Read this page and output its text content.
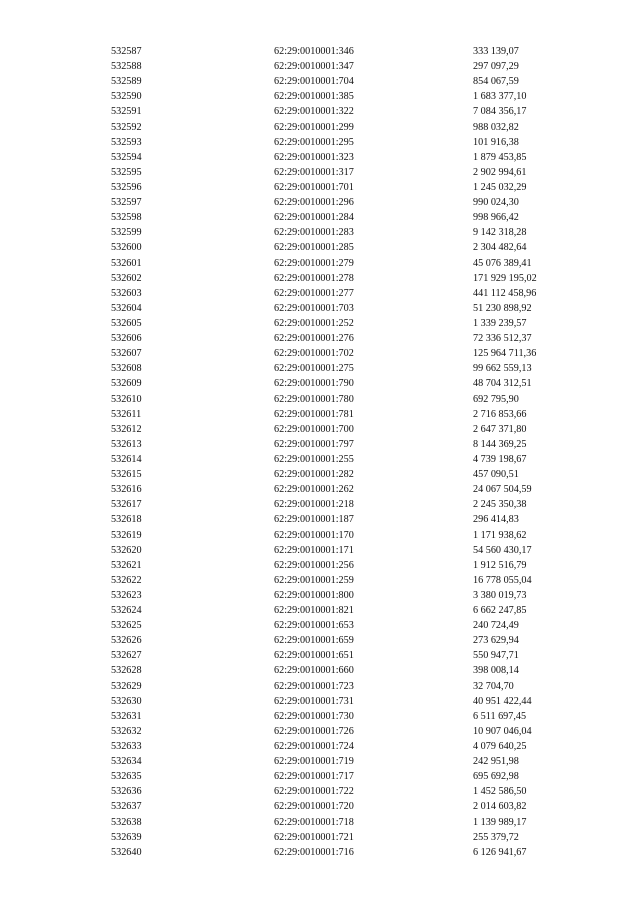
532587	62:29:0010001:346	333 139,07
532588	62:29:0010001:347	297 097,29
532589	62:29:0010001:704	854 067,59
532590	62:29:0010001:385	1 683 377,10
532591	62:29:0010001:322	7 084 356,17
532592	62:29:0010001:299	988 032,82
532593	62:29:0010001:295	101 916,38
532594	62:29:0010001:323	1 879 453,85
532595	62:29:0010001:317	2 902 994,61
532596	62:29:0010001:701	1 245 032,29
532597	62:29:0010001:296	990 024,30
532598	62:29:0010001:284	998 966,42
532599	62:29:0010001:283	9 142 318,28
532600	62:29:0010001:285	2 304 482,64
532601	62:29:0010001:279	45 076 389,41
532602	62:29:0010001:278	171 929 195,02
532603	62:29:0010001:277	441 112 458,96
532604	62:29:0010001:703	51 230 898,92
532605	62:29:0010001:252	1 339 239,57
532606	62:29:0010001:276	72 336 512,37
532607	62:29:0010001:702	125 964 711,36
532608	62:29:0010001:275	99 662 559,13
532609	62:29:0010001:790	48 704 312,51
532610	62:29:0010001:780	692 795,90
532611	62:29:0010001:781	2 716 853,66
532612	62:29:0010001:700	2 647 371,80
532613	62:29:0010001:797	8 144 369,25
532614	62:29:0010001:255	4 739 198,67
532615	62:29:0010001:282	457 090,51
532616	62:29:0010001:262	24 067 504,59
532617	62:29:0010001:218	2 245 350,38
532618	62:29:0010001:187	296 414,83
532619	62:29:0010001:170	1 171 938,62
532620	62:29:0010001:171	54 560 430,17
532621	62:29:0010001:256	1 912 516,79
532622	62:29:0010001:259	16 778 055,04
532623	62:29:0010001:800	3 380 019,73
532624	62:29:0010001:821	6 662 247,85
532625	62:29:0010001:653	240 724,49
532626	62:29:0010001:659	273 629,94
532627	62:29:0010001:651	550 947,71
532628	62:29:0010001:660	398 008,14
532629	62:29:0010001:723	32 704,70
532630	62:29:0010001:731	40 951 422,44
532631	62:29:0010001:730	6 511 697,45
532632	62:29:0010001:726	10 907 046,04
532633	62:29:0010001:724	4 079 640,25
532634	62:29:0010001:719	242 951,98
532635	62:29:0010001:717	695 692,98
532636	62:29:0010001:722	1 452 586,50
532637	62:29:0010001:720	2 014 603,82
532638	62:29:0010001:718	1 139 989,17
532639	62:29:0010001:721	255 379,72
532640	62:29:0010001:716	6 126 941,67
